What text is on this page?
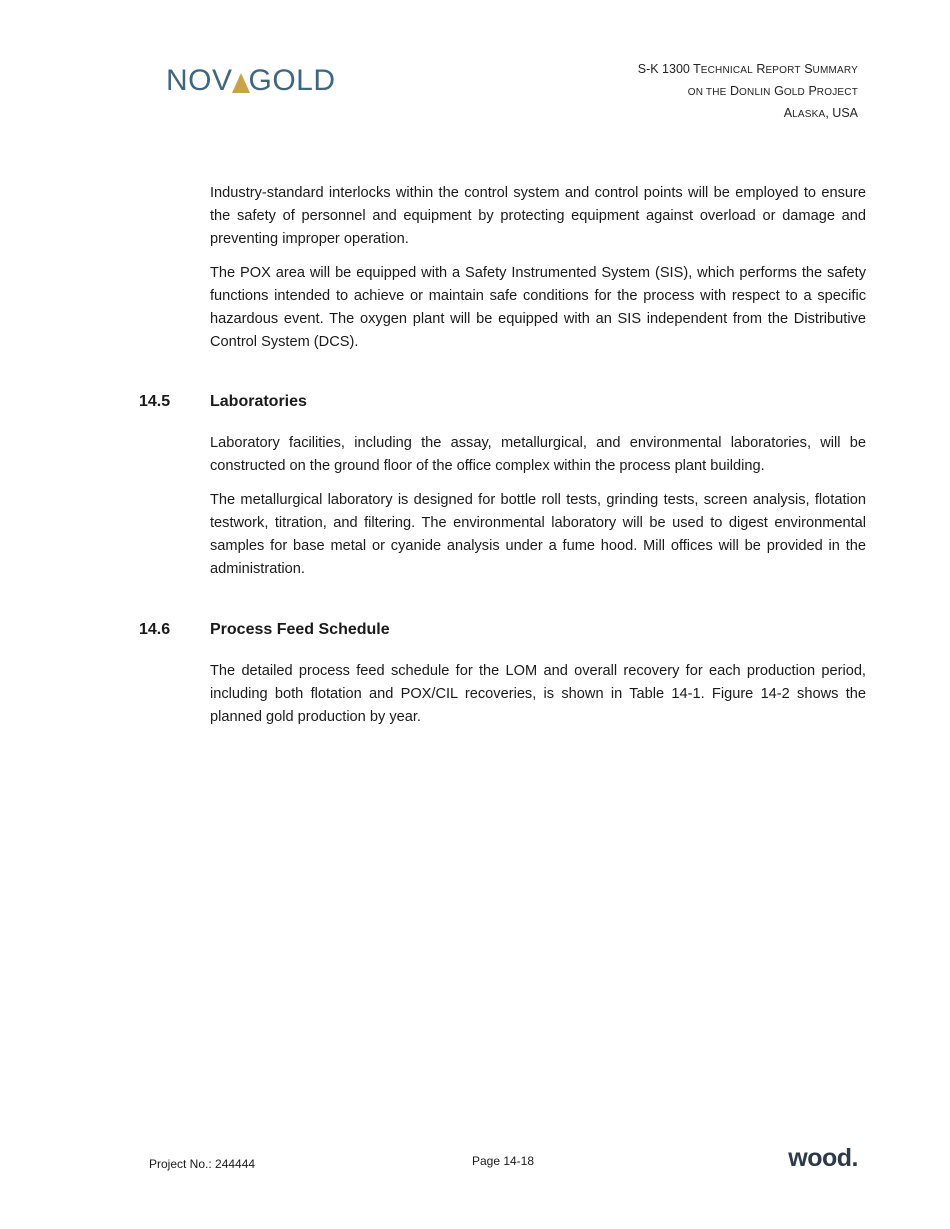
NOV GOLD	S-K 1300 TECHNICAL REPORT SUMMARY
ON THE DONLIN GOLD PROJECT
ALASKA, USA

Industry-standard interlocks within the control system and control points will be employed to ensure the safety of personnel and equipment by protecting equipment against overload or damage and preventing improper operation.

The POX area will be equipped with a Safety Instrumented System (SIS), which performs the safety functions intended to achieve or maintain safe conditions for the process with respect to a specific hazardous event. The oxygen plant will be equipped with an SIS independent from the Distributive Control System (DCS).

14.5	Laboratories

Laboratory facilities, including the assay, metallurgical, and environmental laboratories, will be constructed on the ground floor of the office complex within the process plant building.

The metallurgical laboratory is designed for bottle roll tests, grinding tests, screen analysis, flotation testwork, titration, and filtering. The environmental laboratory will be used to digest environmental samples for base metal or cyanide analysis under a fume hood. Mill offices will be provided in the administration.

14.6	Process Feed Schedule

The detailed process feed schedule for the LOM and overall recovery for each production period, including both flotation and POX/CIL recoveries, is shown in Table 14-1. Figure 14-2 shows the planned gold production by year.

Project No.: 244444	Page 14-18	wood.
